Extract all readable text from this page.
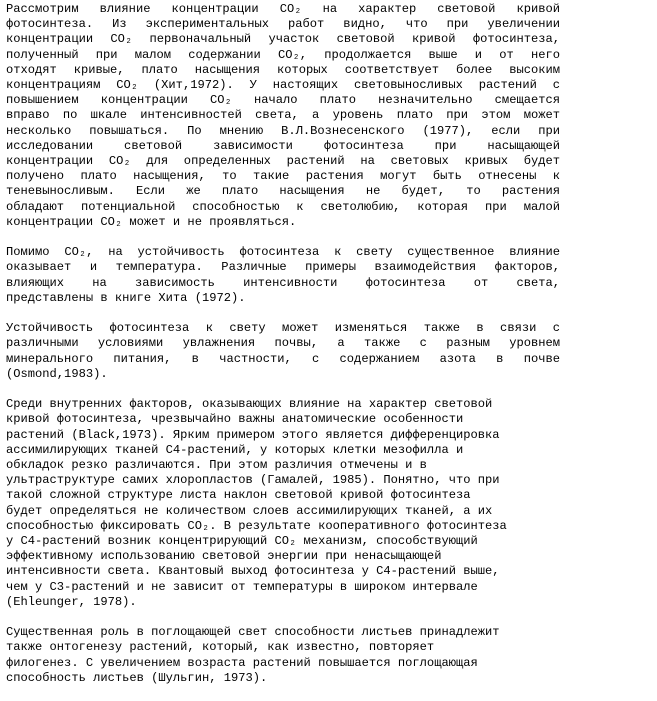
Рассмотрим влияние концентрации СО₂ на характер световой кривой
фотосинтеза. Из экспериментальных работ видно, что при увеличении
концентрации СО₂ первоначальный участок световой кривой фотосинтеза,
полученный при малом содержании СО₂, продолжается выше и от него
отходят кривые, плато насыщения которых соответствует более высоким
концентрациям СО₂ (Хит,1972). У настоящих световыносливых растений с
повышением концентрации СО₂ начало плато незначительно смещается
вправо по шкале интенсивностей света, а уровень плато при этом может
несколько повышаться. По мнению В.Л.Вознесенского (1977), если при
исследовании световой зависимости фотосинтеза при насыщающей
концентрации СО₂ для определенных растений на световых кривых будет
получено плато насыщения, то такие растения могут быть отнесены к
теневыносливым. Если же плато насыщения не будет, то растения
обладают потенциальной способностью к светолюбию, которая при малой
концентрации СО₂ может и не проявляться.
Помимо СО₂, на устойчивость фотосинтеза к свету существенное влияние
оказывает и температура. Различные примеры взаимодействия факторов,
влияющих на зависимость интенсивности фотосинтеза от света,
представлены в книге Хита (1972).
Устойчивость фотосинтеза к свету может изменяться также в связи с
различными условиями увлажнения почвы, а также с разным уровнем
минерального питания, в частности, с содержанием азота в почве
(Osmond,1983).
Среди внутренних факторов, оказывающих влияние на характер световой
кривой фотосинтеза, чрезвычайно важны анатомические особенности
растений (Black,1973). Ярким примером этого является дифференцировка
ассимилирующих тканей С4-растений, у которых клетки мезофилла и
обкладок резко различаются. При этом различия отмечены и в
ультраструктуре самих хлоропластов (Гамалей, 1985). Понятно, что при
такой сложной структуре листа наклон световой кривой фотосинтеза
будет определяться не количеством слоев ассимилирующих тканей, а их
способностью фиксировать СО₂. В результате кооперативного фотосинтеза
у С4-растений возник концентрирующий СО₂ механизм, способствующий
эффективному использованию световой энергии при ненасыщающей
интенсивности света. Квантовый выход фотосинтеза у С4-растений выше,
чем у С3-растений и не зависит от температуры в широком интервале
(Ehleunger, 1978).
Существенная роль в поглощающей свет способности листьев принадлежит
также онтогенезу растений, который, как известно, повторяет
филогенез. С увеличением возраста растений повышается поглощающая
способность листьев (Шульгин, 1973).
